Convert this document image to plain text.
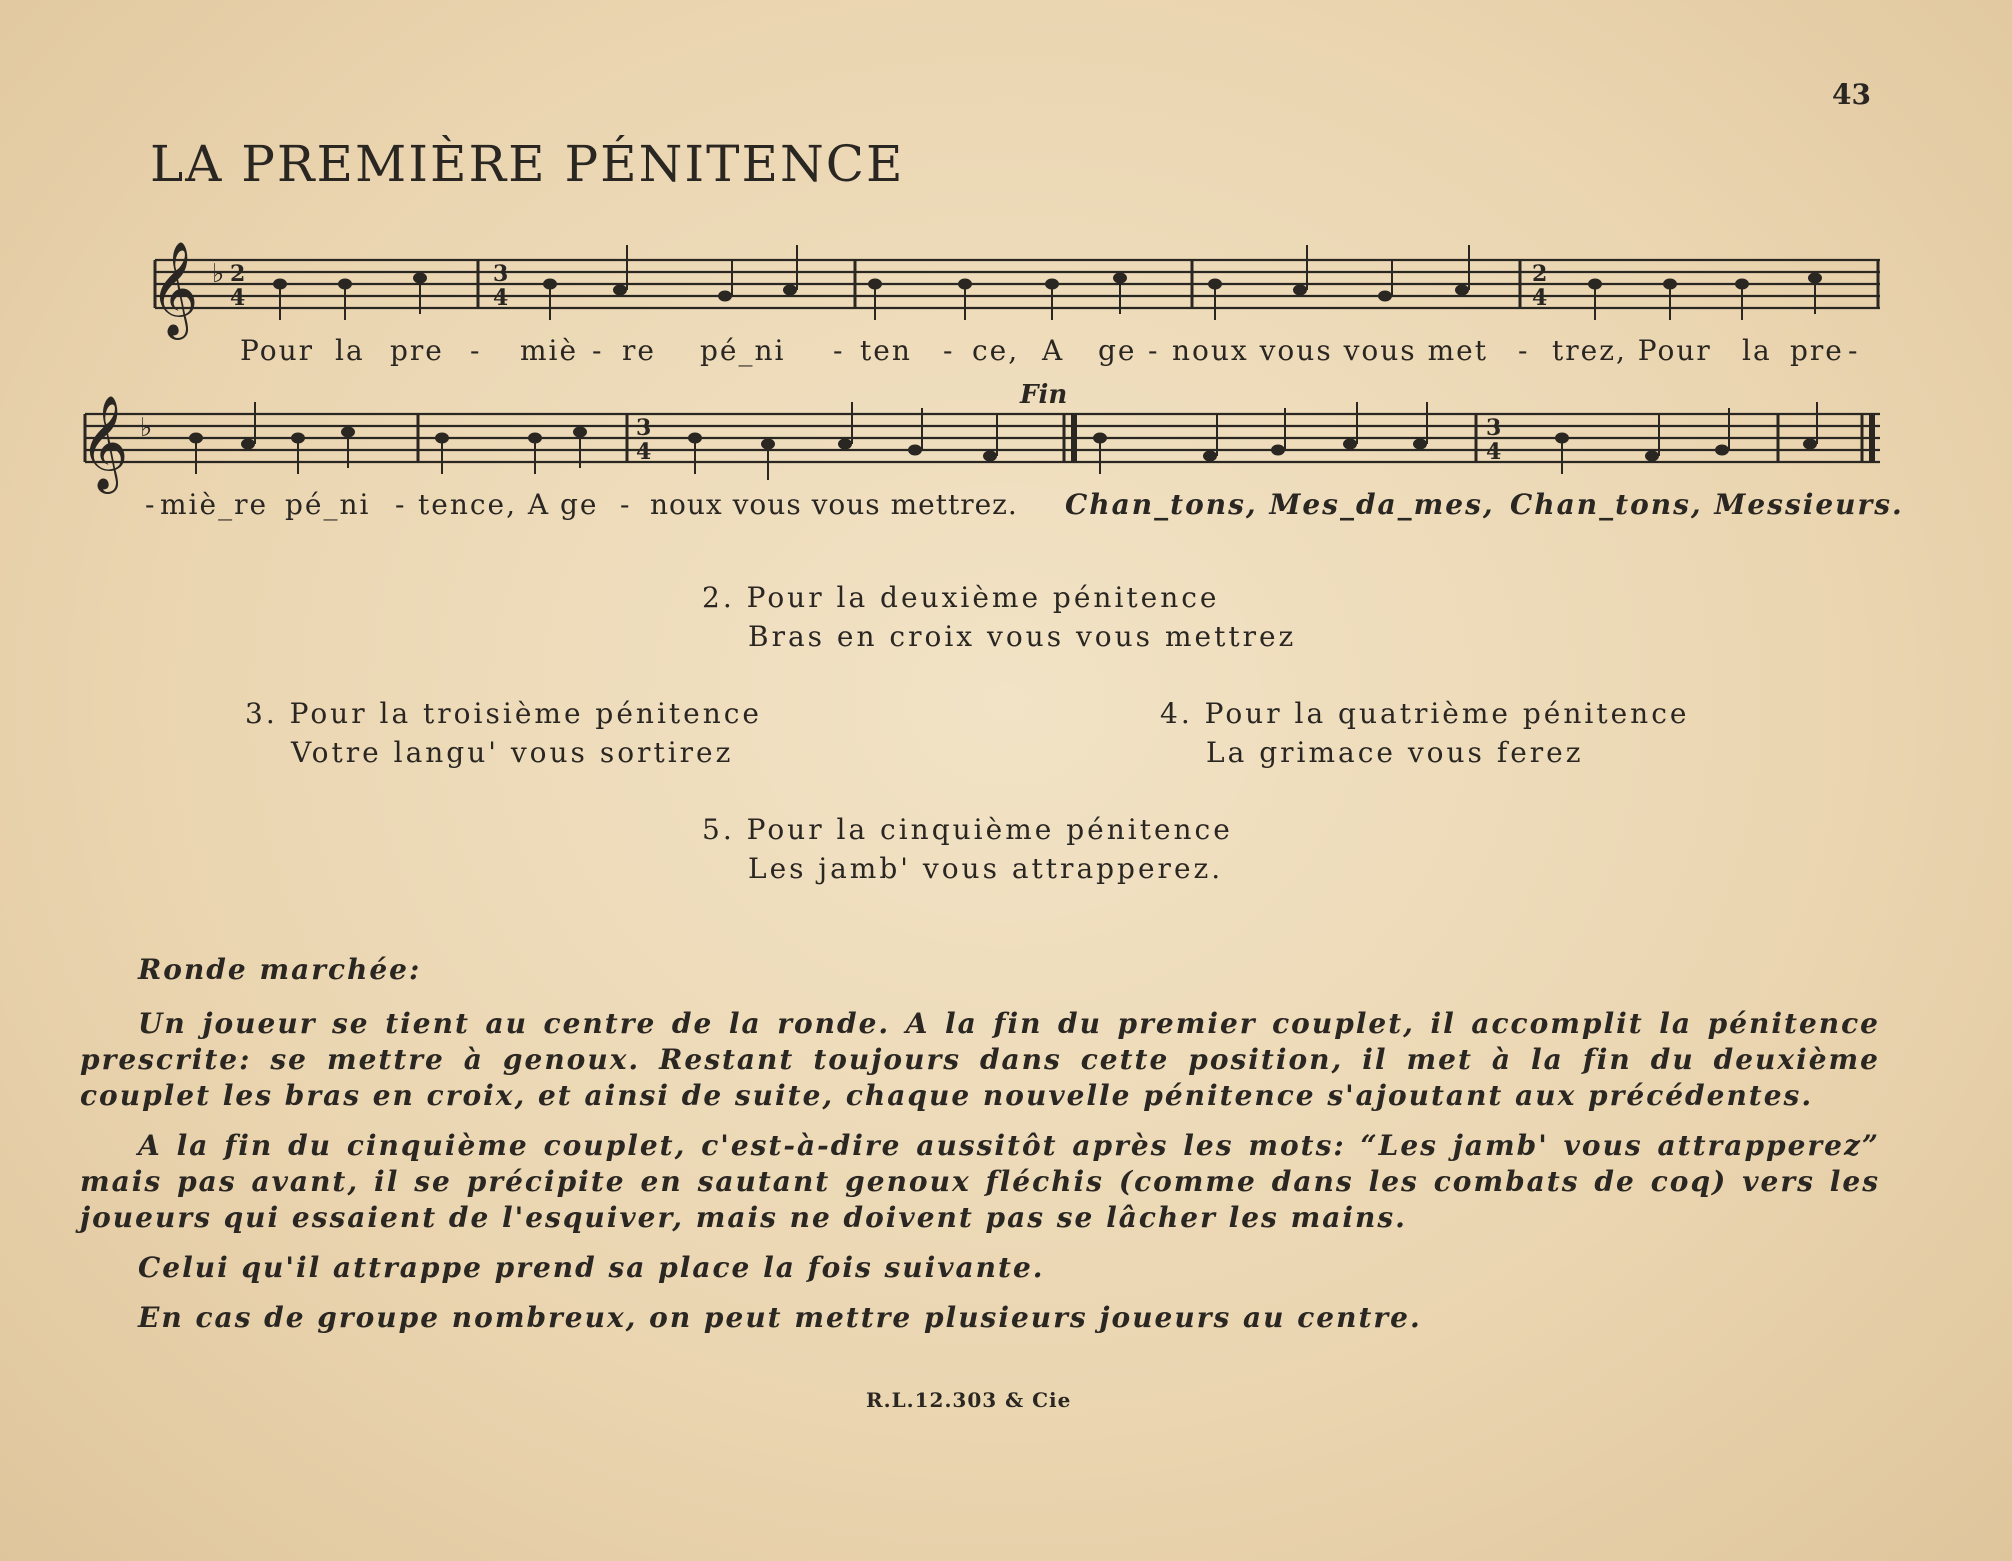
43
LA PREMIÈRE PÉNITENCE
𝄞 ♭ 2
4
3
4
2
4
𝄞 ♭	3
4
3
4
Fin
Pour la pre - miè - re pé_ni - ten - ce, A ge - noux vous vous met - trez, Pour la pre -
- miè_re pé_ni - tence, A ge - noux vous vous mettrez. Chan_tons, Mes_da_mes, Chan_tons, Messieurs.
2. Pour la deuxième pénitence
Bras en croix vous vous mettrez
3. Pour la troisième pénitence
Votre langu' vous sortirez
4. Pour la quatrième pénitence
La grimace vous ferez
5. Pour la cinquième pénitence
Les jamb' vous attrapperez.

Ronde marchée:

Un joueur se tient au centre de la ronde. A la fin du premier couplet, il accomplit la pénitence prescrite: se mettre à genoux. Restant toujours dans cette position, il met à la fin du deuxième couplet les bras en croix, et ainsi de suite, chaque nouvelle pénitence s'ajoutant aux précédentes.

A la fin du cinquième couplet, c'est-à-dire aussitôt après les mots: “Les jamb' vous attrapperez” mais pas avant, il se précipite en sautant genoux fléchis (comme dans les combats de coq) vers les joueurs qui essaient de l'esquiver, mais ne doivent pas se lâcher les mains.

Celui qu'il attrappe prend sa place la fois suivante.

En cas de groupe nombreux, on peut mettre plusieurs joueurs au centre.

R.L.12.303 & Cie
